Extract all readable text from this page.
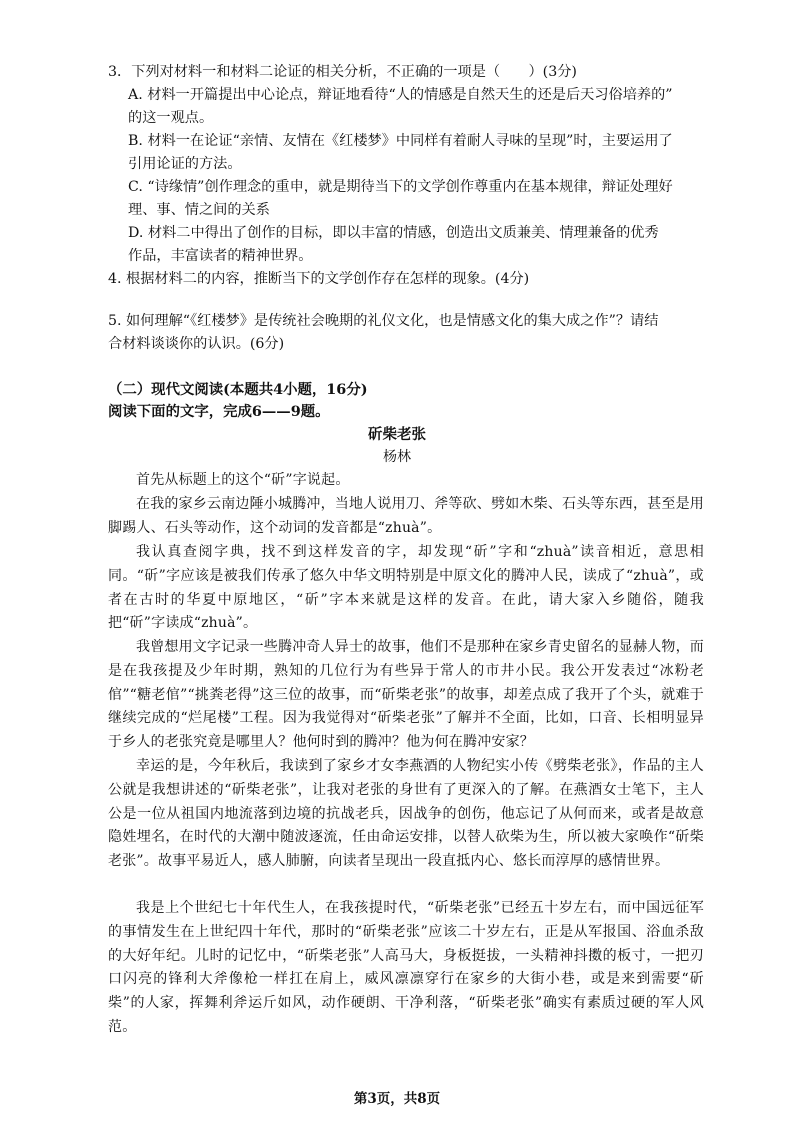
3．下列对材料一和材料二论证的相关分析，不正确的一项是（　　）(3分)
A. 材料一开篇提出中心论点，辩证地看待“人的情感是自然天生的还是后天习俗培养的”
的这一观点。
B. 材料一在论证“亲情、友情在《红楼梦》中同样有着耐人寻味的呈现”时，主要运用了
引用论证的方法。
C. “诗缘情”创作理念的重申，就是期待当下的文学创作尊重内在基本规律，辩证处理好
理、事、情之间的关系
D. 材料二中得出了创作的目标，即以丰富的情感，创造出文质兼美、情理兼备的优秀
作品，丰富读者的精神世界。
4. 根据材料二的内容，推断当下的文学创作存在怎样的现象。(4分)
5. 如何理解“《红楼梦》是传统社会晚期的礼仪文化，也是情感文化的集大成之作”？请结
合材料谈谈你的认识。(6分)
（二）现代文阅读(本题共4小题，16分)
阅读下面的文字，完成6——9题。
斫柴老张
杨林
首先从标题上的这个“斫”字说起。
在我的家乡云南边陲小城腾冲，当地人说用刀、斧等砍、劈如木柴、石头等东西，甚至是用脚踢人、石头等动作，这个动词的发音都是“zhuà”。
我认真查阅字典，找不到这样发音的字，却发现“斫”字和“zhuà”读音相近，意思相同。“斫”字应该是被我们传承了悠久中华文明特别是中原文化的腾冲人民，读成了“zhuà”，或者在古时的华夏中原地区，“斫”字本来就是这样的发音。在此，请大家入乡随俗，随我把“斫”字读成“zhuà”。
我曾想用文字记录一些腾冲奇人异士的故事，他们不是那种在家乡青史留名的显赫人物，而是在我孩提及少年时期，熟知的几位行为有些异于常人的市井小民。我公开发表过“冰粉老倌”“糖老倌”“挑粪老得”这三位的故事，而“斫柴老张”的故事，却差点成了我开了个头，就难于继续完成的“烂尾楼”工程。因为我觉得对“斫柴老张”了解并不全面，比如，口音、长相明显异于乡人的老张究竟是哪里人？他何时到的腾冲？他为何在腾冲安家？
幸运的是，今年秋后，我读到了家乡才女李燕酒的人物纪实小传《劈柴老张》，作品的主人公就是我想讲述的“斫柴老张”，让我对老张的身世有了更深入的了解。在燕酒女士笔下，主人公是一位从祖国内地流落到边境的抗战老兵，因战争的创伤，他忘记了从何而来，或者是故意隐姓埋名，在时代的大潮中随波逐流，任由命运安排，以替人砍柴为生，所以被大家唤作“斫柴老张”。故事平易近人，感人肺腑，向读者呈现出一段直抵内心、悠长而淳厚的感情世界。
我是上个世纪七十年代生人，在我孩提时代，“斫柴老张”已经五十岁左右，而中国远征军的事情发生在上世纪四十年代，那时的“斫柴老张”应该二十岁左右，正是从军报国、浴血杀敌的大好年纪。儿时的记忆中，“斫柴老张”人高马大，身板挺拔，一头精神抖擞的板寸，一把刃口闪亮的锋利大斧像枪一样扛在肩上，威风凛凛穿行在家乡的大街小巷，或是来到需要“斫柴”的人家，挥舞利斧运斤如风，动作硬朗、干净利落，“斫柴老张”确实有素质过硬的军人风范。
第3页，共8页
